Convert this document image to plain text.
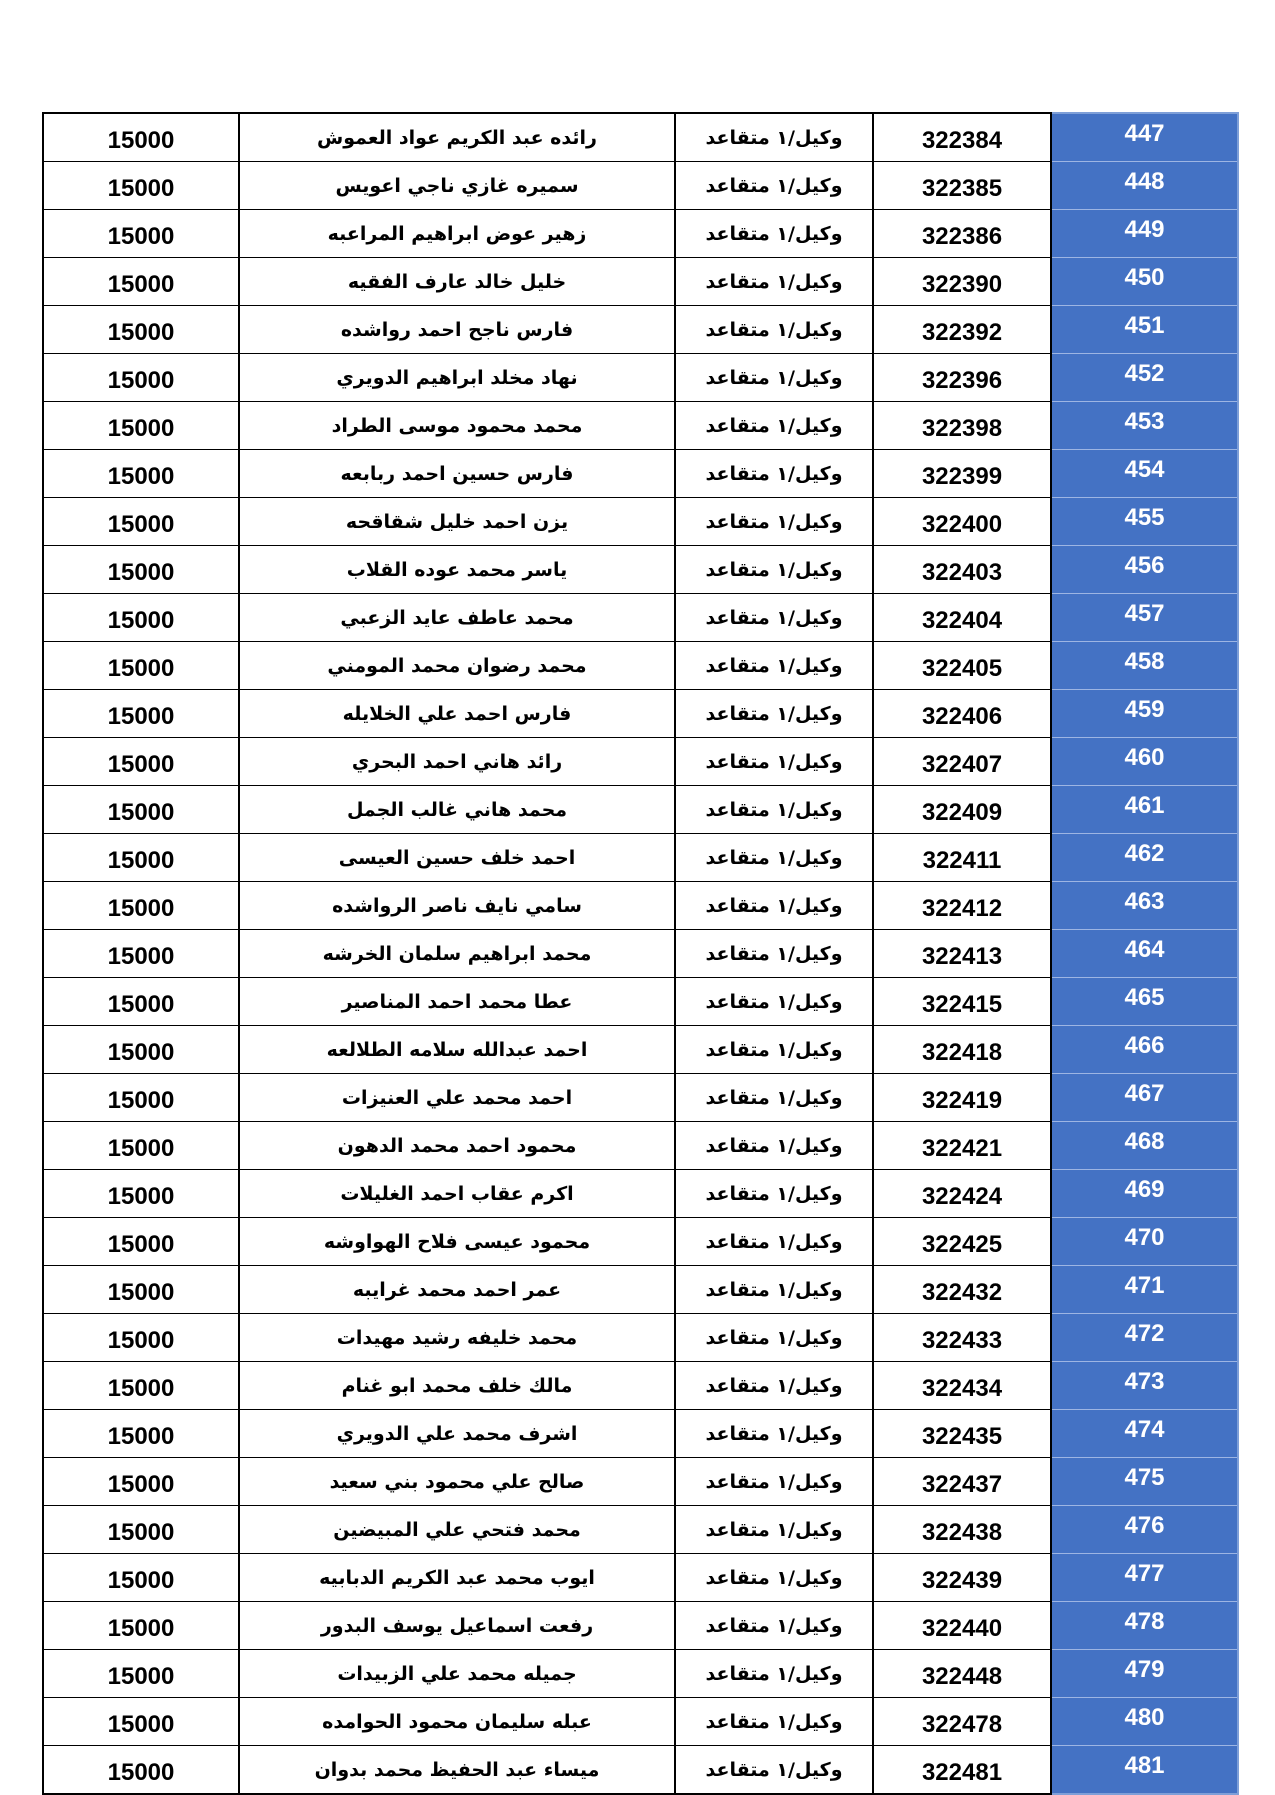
15000	رائده عبد الكريم عواد العموش	وكيل/١ متقاعد	322384	447
15000	سميره غازي ناجي اعويس	وكيل/١ متقاعد	322385	448
15000	زهير عوض ابراهيم المراعبه	وكيل/١ متقاعد	322386	449
15000	خليل خالد عارف الفقيه	وكيل/١ متقاعد	322390	450
15000	فارس ناجح احمد رواشده	وكيل/١ متقاعد	322392	451
15000	نهاد مخلد ابراهيم الدويري	وكيل/١ متقاعد	322396	452
15000	محمد محمود موسى الطراد	وكيل/١ متقاعد	322398	453
15000	فارس حسين احمد ربابعه	وكيل/١ متقاعد	322399	454
15000	يزن احمد خليل شقاقحه	وكيل/١ متقاعد	322400	455
15000	ياسر محمد عوده القلاب	وكيل/١ متقاعد	322403	456
15000	محمد عاطف عايد الزعبي	وكيل/١ متقاعد	322404	457
15000	محمد رضوان محمد المومني	وكيل/١ متقاعد	322405	458
15000	فارس احمد علي الخلايله	وكيل/١ متقاعد	322406	459
15000	رائد هاني احمد البحري	وكيل/١ متقاعد	322407	460
15000	محمد هاني غالب الجمل	وكيل/١ متقاعد	322409	461
15000	احمد خلف حسين العيسى	وكيل/١ متقاعد	322411	462
15000	سامي نايف ناصر الرواشده	وكيل/١ متقاعد	322412	463
15000	محمد ابراهيم سلمان الخرشه	وكيل/١ متقاعد	322413	464
15000	عطا محمد احمد المناصير	وكيل/١ متقاعد	322415	465
15000	احمد عبدالله سلامه الطلالعه	وكيل/١ متقاعد	322418	466
15000	احمد محمد علي العنيزات	وكيل/١ متقاعد	322419	467
15000	محمود احمد محمد الدهون	وكيل/١ متقاعد	322421	468
15000	اكرم عقاب احمد الغليلات	وكيل/١ متقاعد	322424	469
15000	محمود عيسى فلاح الهواوشه	وكيل/١ متقاعد	322425	470
15000	عمر احمد محمد غرايبه	وكيل/١ متقاعد	322432	471
15000	محمد خليفه رشيد مهيدات	وكيل/١ متقاعد	322433	472
15000	مالك خلف محمد ابو غنام	وكيل/١ متقاعد	322434	473
15000	اشرف محمد علي الدويري	وكيل/١ متقاعد	322435	474
15000	صالح علي محمود بني سعيد	وكيل/١ متقاعد	322437	475
15000	محمد فتحي علي المبيضين	وكيل/١ متقاعد	322438	476
15000	ايوب محمد عبد الكريم الدبابيه	وكيل/١ متقاعد	322439	477
15000	رفعت اسماعيل يوسف البدور	وكيل/١ متقاعد	322440	478
15000	جميله محمد علي الزبيدات	وكيل/١ متقاعد	322448	479
15000	عبله سليمان محمود الحوامده	وكيل/١ متقاعد	322478	480
15000	ميساء عبد الحفيظ محمد بدوان	وكيل/١ متقاعد	322481	481
